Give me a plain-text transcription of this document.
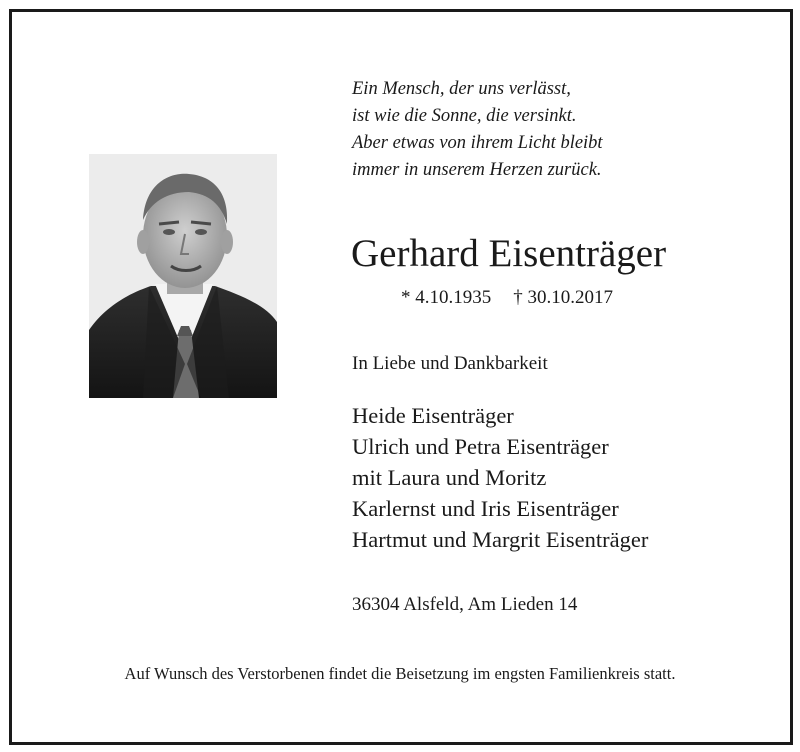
Ein Mensch, der uns verlässt,
ist wie die Sonne, die versinkt.
Aber etwas von ihrem Licht bleibt
immer in unserem Herzen zurück.
Gerhard Eisenträger
* 4.10.1935 † 30.10.2017
In Liebe und Dankbarkeit
Heide Eisenträger
Ulrich und Petra Eisenträger
mit Laura und Moritz
Karlernst und Iris Eisenträger
Hartmut und Margrit Eisenträger
36304 Alsfeld, Am Lieden 14
Auf Wunsch des Verstorbenen findet die Beisetzung im engsten Familienkreis statt.
